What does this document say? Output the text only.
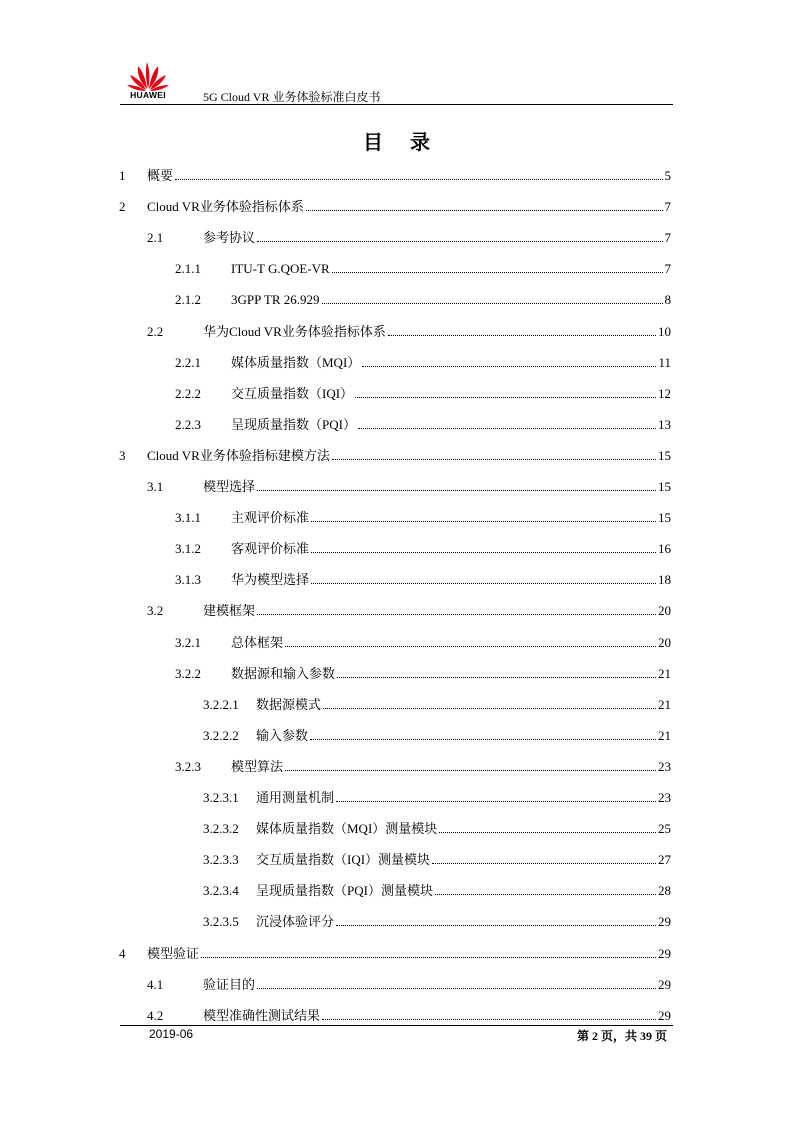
HUAWEI	5G Cloud VR 业务体验标准白皮书
目 录
1 概要	5
2 Cloud VR业务体验指标体系	7
2.1	参考协议	7
2.1.1 ITU-T G.QOE-VR	7
2.1.2 3GPP TR 26.929	8
2.2	华为Cloud VR业务体验指标体系	10
2.2.1 媒体质量指数（MQI）	11
2.2.2 交互质量指数（IQI）	12
2.2.3 呈现质量指数（PQI）	13
3 Cloud VR业务体验指标建模方法	15
3.1	模型选择	15
3.1.1 主观评价标准	15
3.1.2 客观评价标准	16
3.1.3 华为模型选择	18
3.2	建模框架	20
3.2.1 总体框架	20
3.2.2 数据源和输入参数	21
3.2.2.1 数据源模式	21
3.2.2.2 输入参数	21
3.2.3 模型算法	23
3.2.3.1 通用测量机制	23
3.2.3.2 媒体质量指数（MQI）测量模块	25
3.2.3.3 交互质量指数（IQI）测量模块	27
3.2.3.4 呈现质量指数（PQI）测量模块	28
3.2.3.5 沉浸体验评分	29
4 模型验证	29
4.1	验证目的	29
4.2	模型准确性测试结果	29
2019-06	第 2 页，共 39 页
